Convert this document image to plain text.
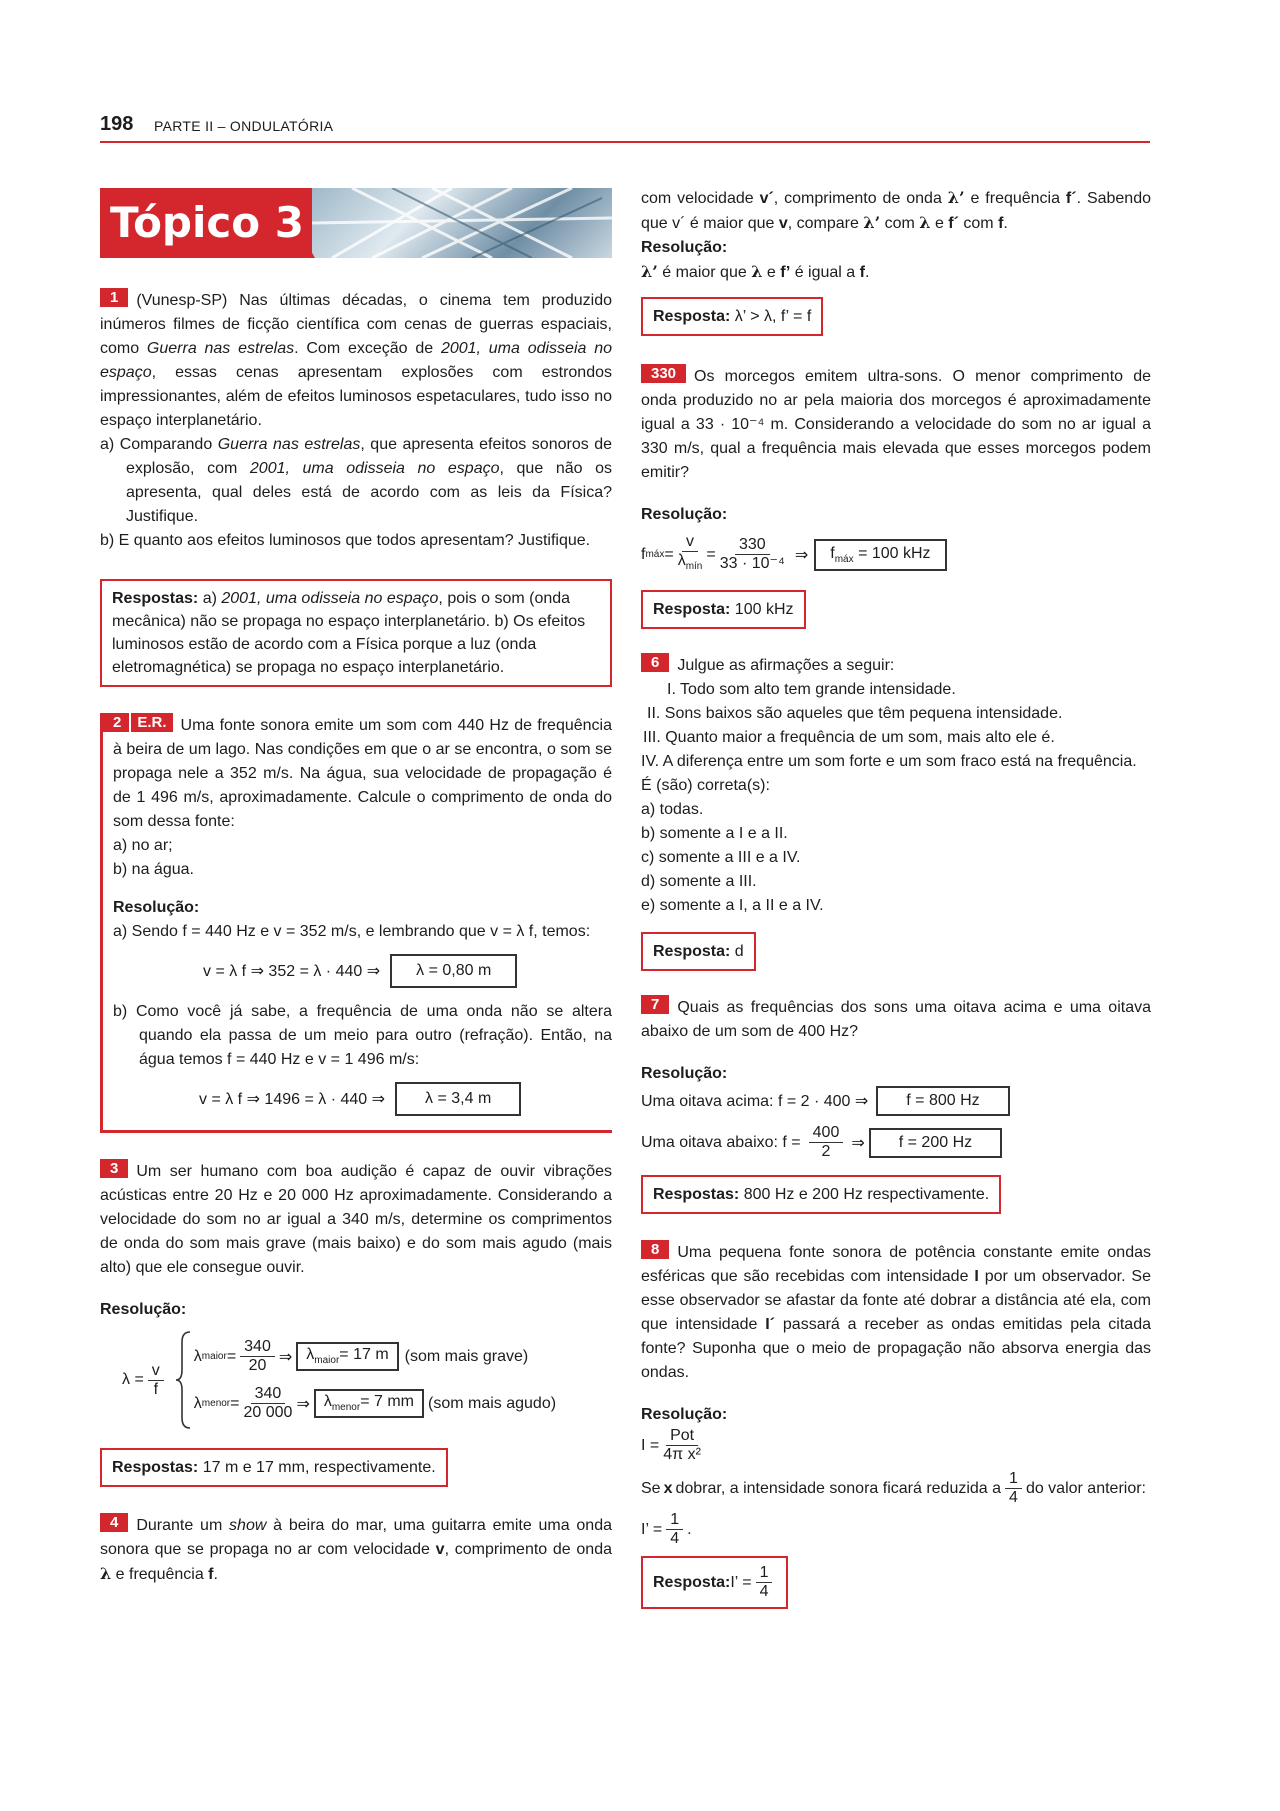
198 PARTE II – ONDULATÓRIA
Tópico 3

1 (Vunesp-SP) Nas últimas décadas, o cinema tem produzido inúmeros filmes de ficção científica com cenas de guerras espaciais, como Guerra nas estrelas. Com exceção de 2001, uma odisseia no espaço, essas cenas apresentam explosões com estrondos impressionantes, além de efeitos luminosos espetaculares, tudo isso no espaço interplanetário.

a) Comparando Guerra nas estrelas, que apresenta efeitos sonoros de explosão, com 2001, uma odisseia no espaço, que não os apresenta, qual deles está de acordo com as leis da Física? Justifique.

b) E quanto aos efeitos luminosos que todos apresentam? Justifique.

Respostas: a) 2001, uma odisseia no espaço, pois o som (onda mecânica) não se propaga no espaço interplanetário. b) Os efeitos luminosos estão de acordo com a Física porque a luz (onda eletromagnética) se propaga no espaço interplanetário.

2 E.R. Uma fonte sonora emite um som com 440 Hz de frequência à beira de um lago. Nas condições em que o ar se encontra, o som se propaga nele a 352 m/s. Na água, sua velocidade de propagação é de 1 496 m/s, aproximadamente. Calcule o comprimento de onda do som dessa fonte:

a) no ar;

b) na água.

Resolução:

a) Sendo f = 440 Hz e v = 352 m/s, e lembrando que v = λ f, temos:

v = λ f ⇒ 352 = λ · 440 ⇒	λ = 0,80 m

b) Como você já sabe, a frequência de uma onda não se altera quando ela passa de um meio para outro (refração). Então, na água temos f = 440 Hz e v = 1 496 m/s:

v = λ f ⇒ 1496 = λ · 440 ⇒	λ = 3,4 m

3 Um ser humano com boa audição é capaz de ouvir vibrações acústicas entre 20 Hz e 20 000 Hz aproximadamente. Considerando a velocidade do som no ar igual a 340 m/s, determine os comprimentos de onda do som mais grave (mais baixo) e do som mais agudo (mais alto) que ele consegue ouvir.

Resolução:

$\lambda = \frac{v}{f}$
λ maior = $\frac{340}{20}$ ⇒ $\lambda_{maior}= 17$ m	(som mais grave)
λ menor = $\frac{340}{20 000}$ ⇒ $\lambda_{menor}= 7$ mm (som mais agudo)
Respostas: 17 m e 17 mm, respectivamente.

4 Durante um show à beira do mar, uma guitarra emite uma onda sonora que se propaga no ar com velocidade v, comprimento de onda λ e frequência f.

com velocidade v´, comprimento de onda λ’ e frequência f´. Sabendo que v´ é maior que v, compare λ’ com λ e f´ com f.

Resolução:

λ’ é maior que λ e f’ é igual a f.

Resposta: λ’ > λ, f’ = f

330 Os morcegos emitem ultra-sons. O menor comprimento de onda produzido no ar pela maioria dos morcegos é aproximadamente igual a 33 · 10⁻⁴ m. Considerando a velocidade do som no ar igual a 330 m/s, qual a frequência mais elevada que esses morcegos podem emitir?

Resolução:

f máx = $\frac{v}{\lambda_{mín}} = \frac{330}{\text{33 · 10⁻⁴}}$ ⇒	$f_{máx} = 100$ kHz
Resposta: 100 kHz

6 Julgue as afirmações a seguir:

I. Todo som alto tem grande intensidade.

II. Sons baixos são aqueles que têm pequena intensidade.

III. Quanto maior a frequência de um som, mais alto ele é.

IV. A diferença entre um som forte e um som fraco está na frequência.

É (são) correta(s):

a) todas.

b) somente a I e a II.

c) somente a III e a IV.

d) somente a III.

e) somente a I, a II e a IV.

Resposta: d

7 Quais as frequências dos sons uma oitava acima e uma oitava abaixo de um som de 400 Hz?

Resolução:

Uma oitava acima: f = 2 · 400 ⇒	f = 800 Hz
Uma oitava abaixo: $f = \frac{400}{2}$ ⇒	f = 200 Hz
Respostas: 800 Hz e 200 Hz respectivamente.

8 Uma pequena fonte sonora de potência constante emite ondas esféricas que são recebidas com intensidade I por um observador. Se esse observador se afastar da fonte até dobrar a distância até ela, com que intensidade I´ passará a receber as ondas emitidas pela citada fonte? Suponha que o meio de propagação não absorva energia das ondas.

Resolução:

$I = \frac{\text{Pot}}{\text{4π x²}}$
Se x dobrar, a intensidade sonora ficará reduzida a $\frac{1}{4}$ do valor anterior:
I’ = $\frac{1}{4}$ .
Resposta: I’ = $\frac{1}{4}$
